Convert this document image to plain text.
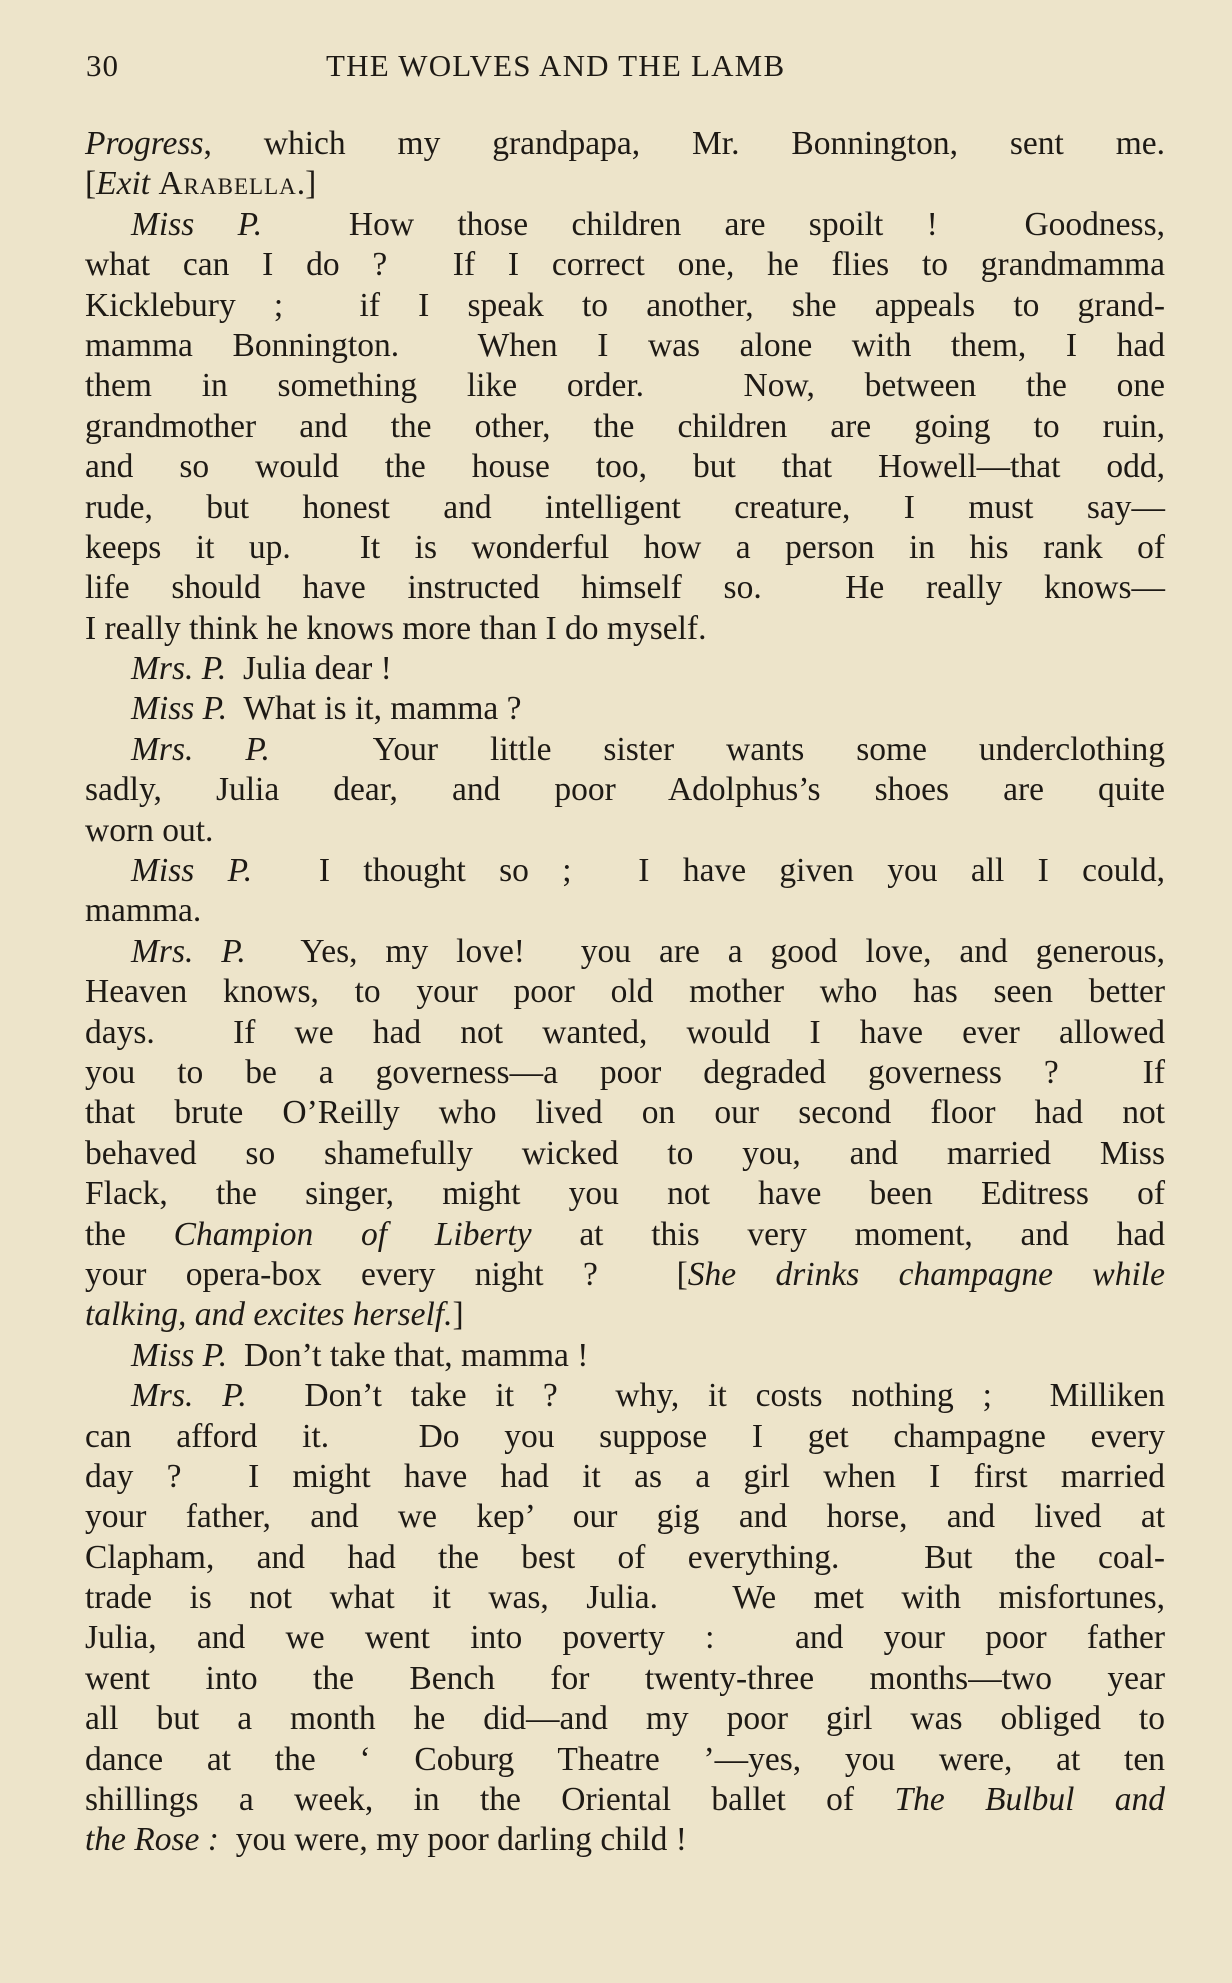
30	THE WOLVES AND THE LAMB
Progress, which my grandpapa, Mr. Bonnington, sent me.
[Exit Arabella.]
Miss P.  How those children are spoilt !  Goodness,
what can I do ?  If I correct one, he flies to grandmamma
Kicklebury ;  if I speak to another, she appeals to grand-
mamma Bonnington.  When I was alone with them, I had
them in something like order.  Now, between the one
grandmother and the other, the children are going to ruin,
and so would the house too, but that Howell—that odd,
rude, but honest and intelligent creature, I must say—
keeps it up.  It is wonderful how a person in his rank of
life should have instructed himself so.  He really knows—
I really think he knows more than I do myself.
Mrs. P.  Julia dear !
Miss P.  What is it, mamma ?
Mrs. P.  Your little sister wants some underclothing
sadly, Julia dear, and poor Adolphus’s shoes are quite
worn out.
Miss P.  I thought so ;  I have given you all I could,
mamma.
Mrs. P.  Yes, my love!  you are a good love, and generous,
Heaven knows, to your poor old mother who has seen better
days.  If we had not wanted, would I have ever allowed
you to be a governess—a poor degraded governess ?  If
that brute O’Reilly who lived on our second floor had not
behaved so shamefully wicked to you, and married Miss
Flack, the singer, might you not have been Editress of
the Champion of Liberty at this very moment, and had
your opera-box every night ?  [She drinks champagne while
talking, and excites herself.]
Miss P.  Don’t take that, mamma !
Mrs. P.  Don’t take it ?  why, it costs nothing ;  Milliken
can afford it.  Do you suppose I get champagne every
day ?  I might have had it as a girl when I first married
your father, and we kep’ our gig and horse, and lived at
Clapham, and had the best of everything.  But the coal-
trade is not what it was, Julia.  We met with misfortunes,
Julia, and we went into poverty :  and your poor father
went into the Bench for twenty-three months—two year
all but a month he did—and my poor girl was obliged to
dance at the ‘ Coburg Theatre ’—yes, you were, at ten
shillings a week, in the Oriental ballet of The Bulbul and
the Rose :  you were, my poor darling child !
